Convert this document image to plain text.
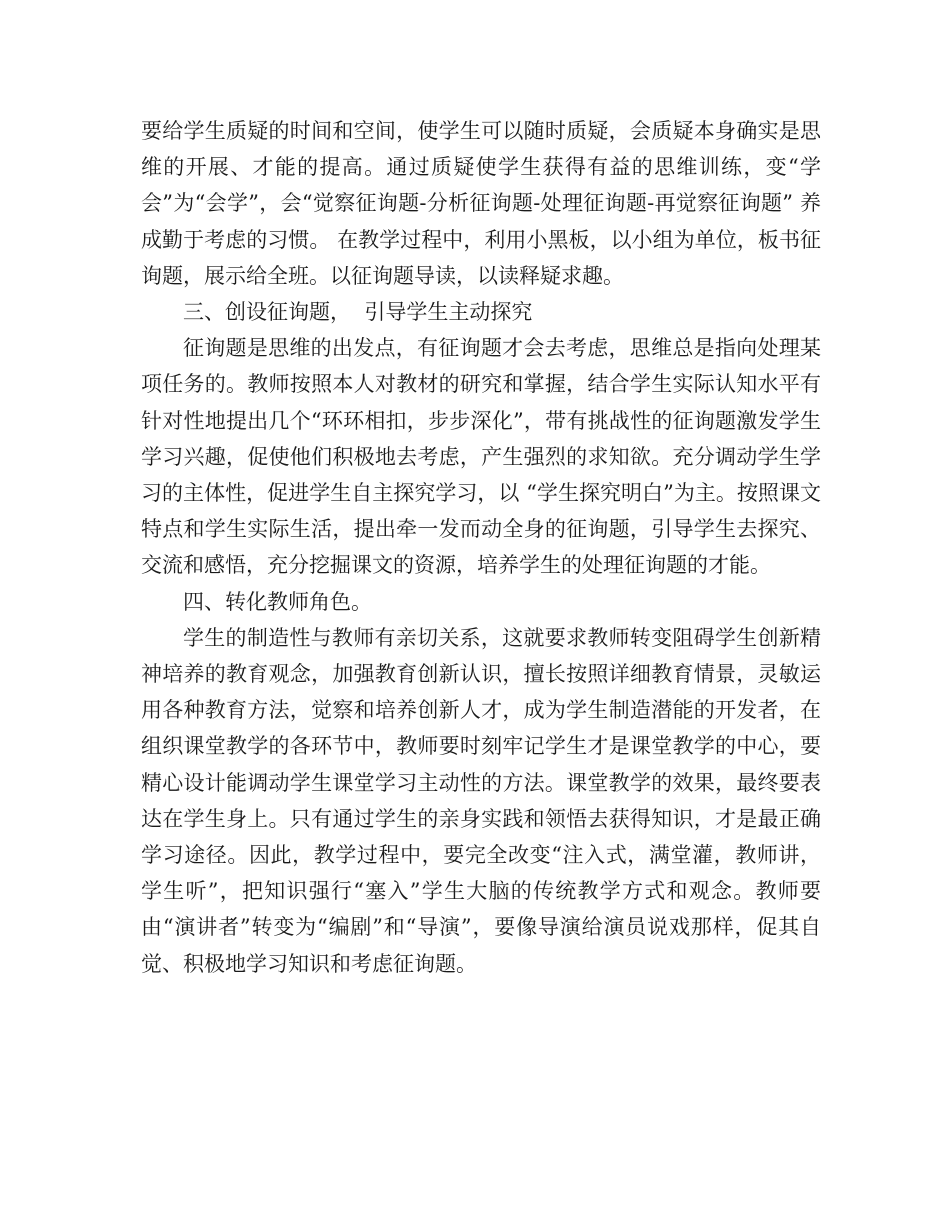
要给学生质疑的时间和空间，使学生可以随时质疑，会质疑本身确实是思维的开展、才能的提高。通过质疑使学生获得有益的思维训练，变“学会”为“会学”，会“觉察征询题-分析征询题-处理征询题-再觉察征询题” 养成勤于考虑的习惯。 在教学过程中，利用小黑板，以小组为单位，板书征询题，展示给全班。以征询题导读，以读释疑求趣。

三、创设征询题，  引导学生主动探究

征询题是思维的出发点，有征询题才会去考虑，思维总是指向处理某项任务的。教师按照本人对教材的研究和掌握，结合学生实际认知水平有针对性地提出几个“环环相扣，步步深化”，带有挑战性的征询题激发学生学习兴趣，促使他们积极地去考虑，产生强烈的求知欲。充分调动学生学习的主体性，促进学生自主探究学习，以 “学生探究明白”为主。按照课文特点和学生实际生活，提出牵一发而动全身的征询题，引导学生去探究、交流和感悟，充分挖掘课文的资源，培养学生的处理征询题的才能。

四、转化教师角色。

学生的制造性与教师有亲切关系，这就要求教师转变阻碍学生创新精神培养的教育观念，加强教育创新认识，擅长按照详细教育情景，灵敏运用各种教育方法，觉察和培养创新人才，成为学生制造潜能的开发者，在组织课堂教学的各环节中，教师要时刻牢记学生才是课堂教学的中心，要精心设计能调动学生课堂学习主动性的方法。课堂教学的效果，最终要表达在学生身上。只有通过学生的亲身实践和领悟去获得知识，才是最正确学习途径。因此，教学过程中，要完全改变“注入式，满堂灌，教师讲，学生听”，把知识强行“塞入”学生大脑的传统教学方式和观念。教师要由“演讲者”转变为“编剧”和“导演”，要像导演给演员说戏那样，促其自觉、积极地学习知识和考虑征询题。
